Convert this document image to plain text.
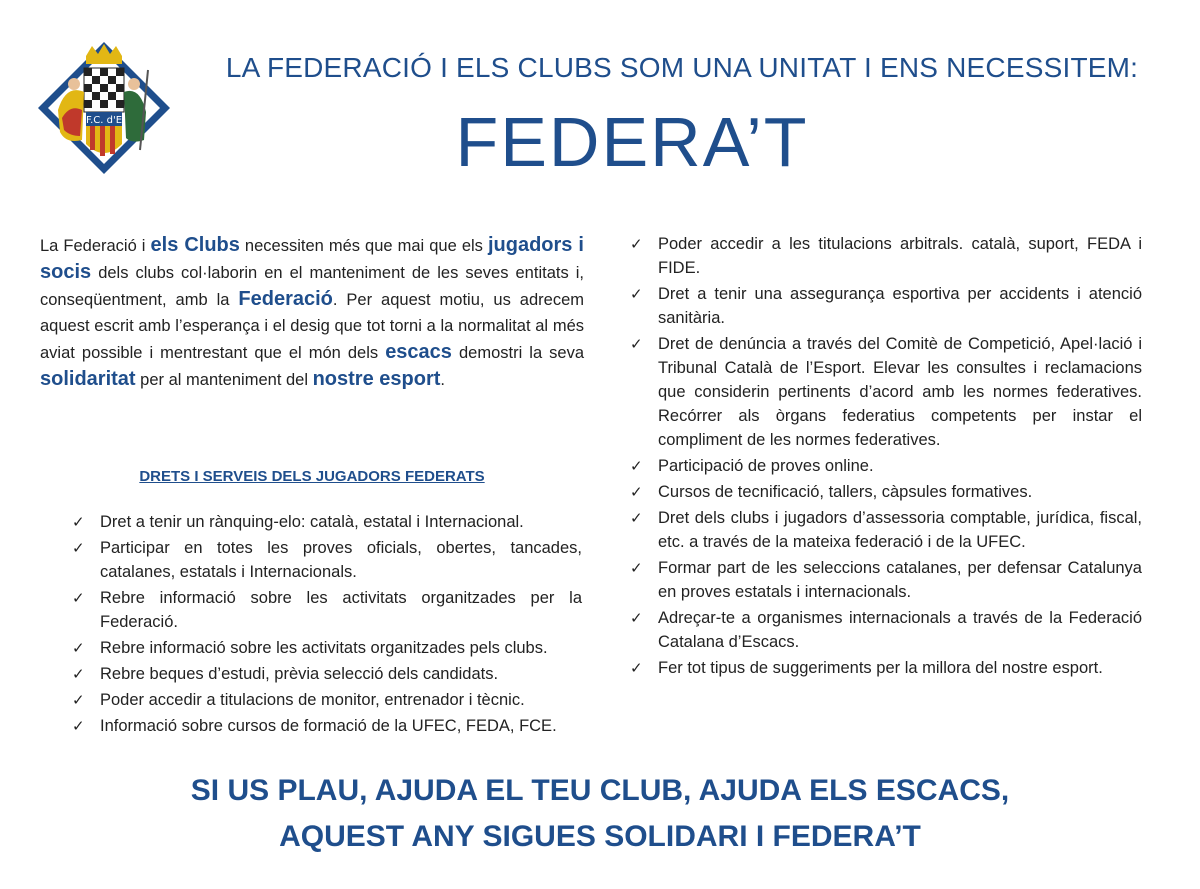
F.C. d'E
LA FEDERACIÓ I ELS CLUBS SOM UNA UNITAT I ENS NECESSITEM:
FEDERA’T
La Federació i els Clubs necessiten més que mai que els jugadors i socis dels clubs col·laborin en el manteniment de les seves entitats i, conseqüentment, amb la Federació. Per aquest motiu, us adrecem aquest escrit amb l’esperança i el desig que tot torni a la normalitat al més aviat possible i mentrestant que el món dels escacs demostri la seva solidaritat per al manteniment del nostre esport.
DRETS I SERVEIS DELS JUGADORS FEDERATS
✓ Dret a tenir un rànquing-elo: català, estatal i Internacional.
✓ Participar en totes les proves oficials, obertes, tancades, catalanes, estatals i Internacionals.
✓ Rebre informació sobre les activitats organitzades per la Federació.
✓ Rebre informació sobre les activitats organitzades pels clubs.
✓ Rebre beques d’estudi, prèvia selecció dels candidats.
✓ Poder accedir a titulacions de monitor, entrenador i tècnic.
✓ Informació sobre cursos de formació de la UFEC, FEDA, FCE.
✓ Poder accedir a les titulacions arbitrals. català, suport, FEDA i FIDE.
✓ Dret a tenir una assegurança esportiva per accidents i atenció sanitària.
✓ Dret de denúncia a través del Comitè de Competició, Apel·lació i Tribunal Català de l’Esport. Elevar les consultes i reclamacions que considerin pertinents d’acord amb les normes federatives. Recórrer als òrgans federatius competents per instar el compliment de les normes federatives.
✓ Participació de proves online.
✓ Cursos de tecnificació, tallers, càpsules formatives.
✓ Dret dels clubs i jugadors d’assessoria comptable, jurídica, fiscal, etc. a través de la mateixa federació i de la UFEC.
✓ Formar part de les seleccions catalanes, per defensar Catalunya en proves estatals i internacionals.
✓ Adreçar-te a organismes internacionals a través de la Federació Catalana d’Escacs.
✓ Fer tot tipus de suggeriments per la millora del nostre esport.
SI US PLAU, AJUDA EL TEU CLUB, AJUDA ELS ESCACS,
AQUEST ANY SIGUES SOLIDARI I FEDERA’T
